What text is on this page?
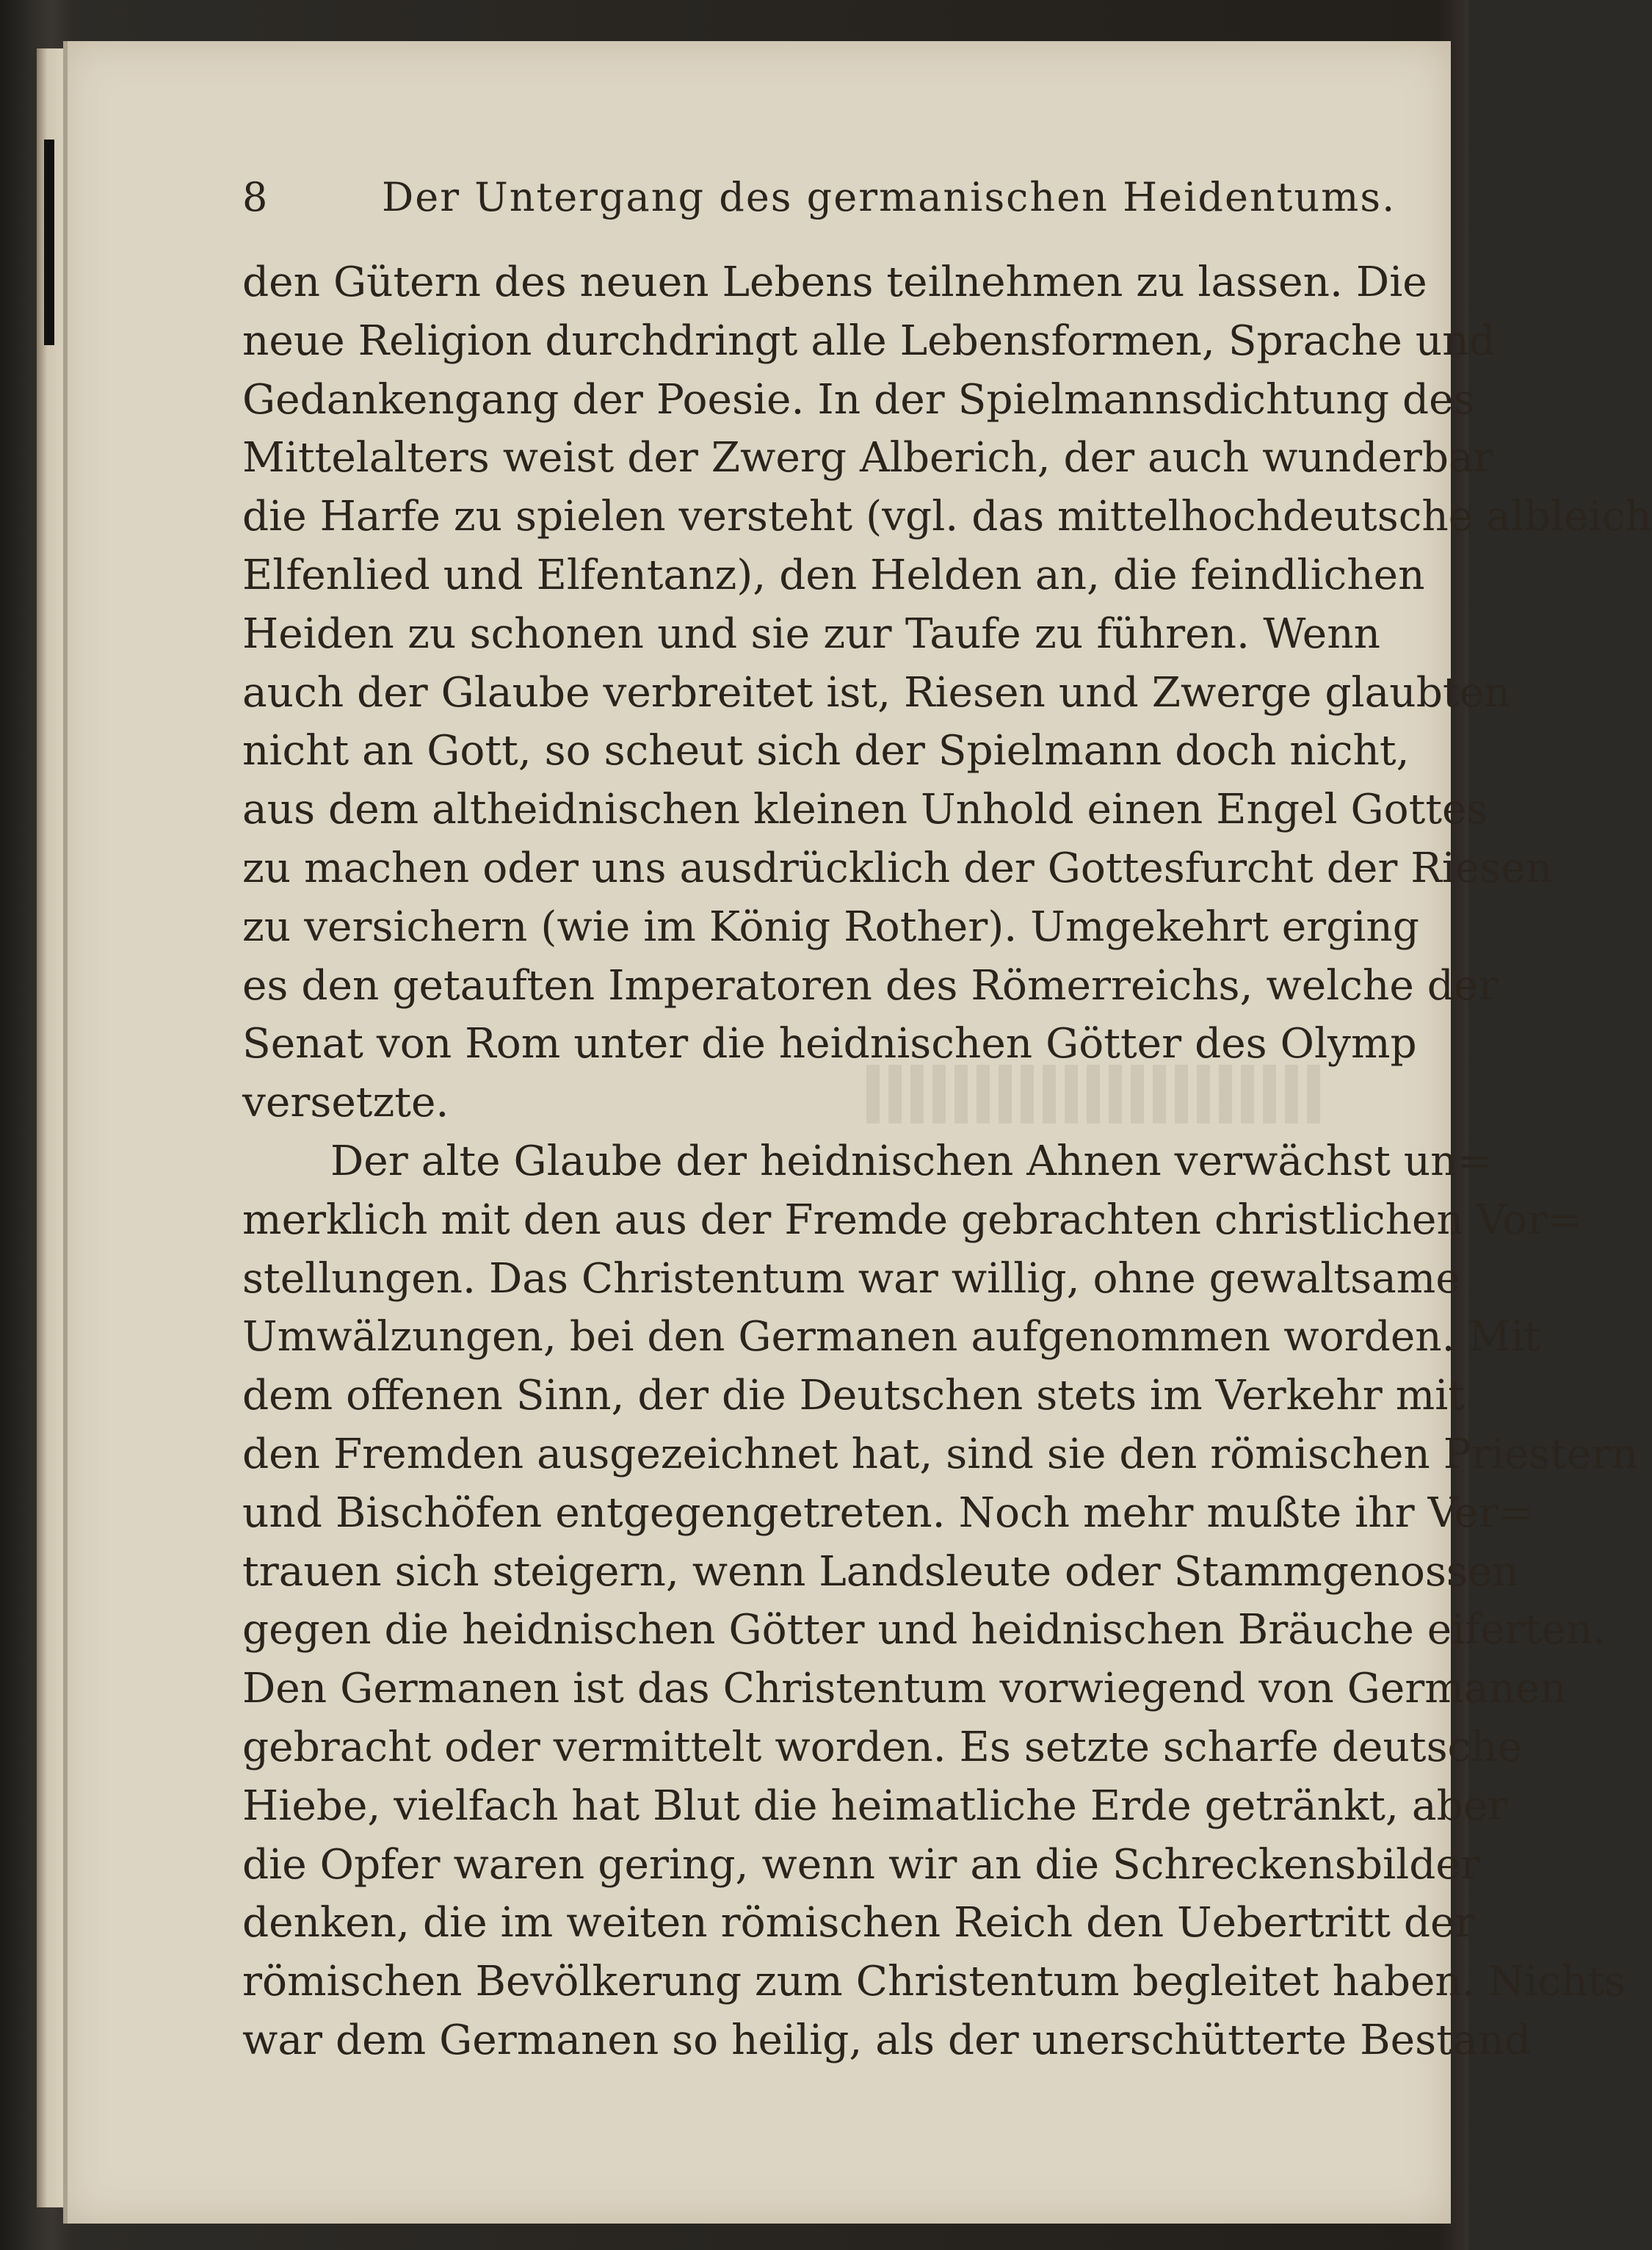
8	Der Untergang des germanischen Heidentums.
den Gütern des neuen Lebens teilnehmen zu lassen. Die
neue Religion durchdringt alle Lebensformen, Sprache und
Gedankengang der Poesie. In der Spielmannsdichtung des
Mittelalters weist der Zwerg Alberich, der auch wunderbar
die Harfe zu spielen versteht (vgl. das mittelhochdeutsche albleich
Elfenlied und Elfentanz), den Helden an, die feindlichen
Heiden zu schonen und sie zur Taufe zu führen. Wenn
auch der Glaube verbreitet ist, Riesen und Zwerge glaubten
nicht an Gott, so scheut sich der Spielmann doch nicht,
aus dem altheidnischen kleinen Unhold einen Engel Gottes
zu machen oder uns ausdrücklich der Gottesfurcht der Riesen
zu versichern (wie im König Rother). Umgekehrt erging
es den getauften Imperatoren des Römerreichs, welche der
Senat von Rom unter die heidnischen Götter des Olymp
versetzte.
Der alte Glaube der heidnischen Ahnen verwächst un=
merklich mit den aus der Fremde gebrachten christlichen Vor=
stellungen. Das Christentum war willig, ohne gewaltsame
Umwälzungen, bei den Germanen aufgenommen worden. Mit
dem offenen Sinn, der die Deutschen stets im Verkehr mit
den Fremden ausgezeichnet hat, sind sie den römischen Priestern
und Bischöfen entgegengetreten. Noch mehr mußte ihr Ver=
trauen sich steigern, wenn Landsleute oder Stammgenossen
gegen die heidnischen Götter und heidnischen Bräuche eiferten.
Den Germanen ist das Christentum vorwiegend von Germanen
gebracht oder vermittelt worden. Es setzte scharfe deutsche
Hiebe, vielfach hat Blut die heimatliche Erde getränkt, aber
die Opfer waren gering, wenn wir an die Schreckensbilder
denken, die im weiten römischen Reich den Uebertritt der
römischen Bevölkerung zum Christentum begleitet haben. Nichts
war dem Germanen so heilig, als der unerschütterte Bestand
